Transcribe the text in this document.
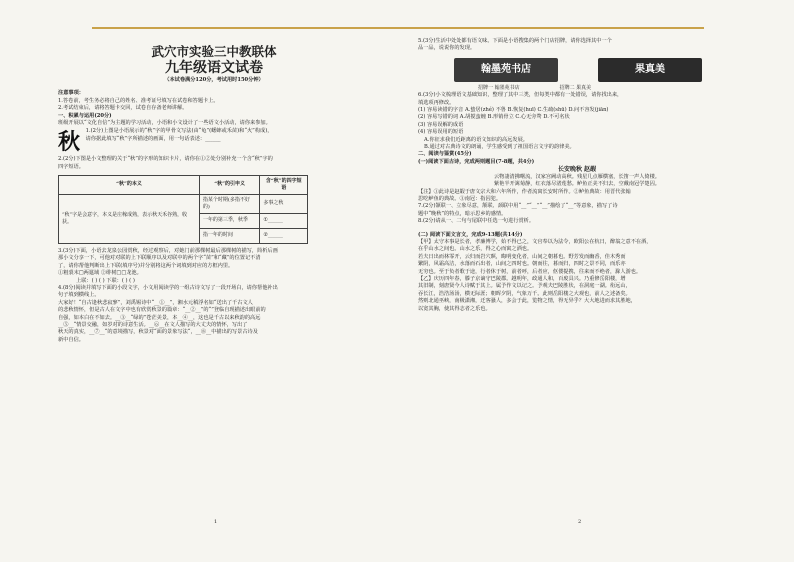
武穴市实验三中教联体
九年级语文试卷
（本试卷满分120分，考试用时150分钟）

注意事项：

1.答卷前，考生务必将自己的姓名、准考证号填写在试卷和答题卡上。

2.考试结束后，请将答题卡交回，试卷自存备老师讲解。

一、积累与运用(20分)

班级开展以“文化自信”为主题的学习活动，小语和小文设计了一些语文小活动，请你来参加。

秋 1.(2分)上图是小语展示的“秋”字的甲骨文写法(由“龟”(蟋蟀或禾苗)和“火”构成)，

请你据此填写“秋”字所描述的画面，用一句话表述：______

2.(2分)下图是小文整理的关于“秋”的字形的知识卡片，请你在①②处分别补充一个含“秋”字的

四字短语。

“秋”的本义	“秋”的引申义	含“秋”的四字短语
“秋”字是会意字，本义是庄稼成熟，表示秋天禾谷熟，收获。	指某个时期(多指不好的)	多事之秋
	一年的第三季，秋季	①______
	指一年的时间	②______

3.(3分)下面，小语去龙泉公园赏秋，经过观察后，对她门前那棵树最后那棵树的描写，简析后画

那小文分享一下，可他对对联的上下联顺序以及对联中的两个字“苗”和“藏”的位置记不清

了，请你帮他判断出上下联(填序号)并分别将这两个词填到对应的方框内里。

①粗裘末□两筵域 ②绯树□□龙池。

上联：( ) ( ) 下联：( ) ( )

4.(8分)阅读并填写下面的小段文字，小文用阅读学的一组古诗文写了一段开场白，请你帮他补出

句子填到横线上。

大家好！“自古逢秋悲寂寥”，刘禹锡诗中“__①__”，湘水元稹浮名如“送出了千古文人

的悲秋情怀，但是古人在文字中也有欣赏秋景的篇章：“__②__”的“”登临自现描述出眼前的

自强，如本白在不如去。__③__“绿的”苍茫美景，本__④__，这也是千古以来秋韵的高远

__⑤__“情景交融，如岁对的诗意生活。__⑥__在文人描写的大丈夫的情怀，写出了

秋天的真实，__⑦__“的意境描写，秋景对“面的景象写法“，__⑧__中描出的写景古诗及

新中自信。

1

5.(3分)生活中处处都有语文味。下面是小语搜集的两个门店招牌，请你选择其中一个

品一品，说说你的发现。

翰墨苑书店	果真美
招牌一 翰墨苑书店	招牌二 果真美

6.(3分)小文梳理语文基础知识，整理了其中三类，但每类中都有一处错误，请你找出来，

填选项再修改。

(1) 容易读错的字音 A.蛰居(zhé) 不鲁 B.恢复(huī) C.生疏(shū) D.问不容发(jiān)

(2) 容易写错的词 A.胡搅蛮缠 B.形销骨立 C.心无旁骛 D.不可名状

(3) 容易误解的成语

(4) 容易误用的短语

A.你征求我们近距离的语文知识的高远发展。

B.通过对古典诗文的朗诵，学生感受到了祖国语言文字的韵律美。

二、阅读与鉴赏(45分)

(一)阅读下面古诗，完成两则题目(7-8题，共4分)

长安晚秋 赵嘏

云物凄清拂曙流，汉家宫阙动高秋。残星几点雁横塞，长笛一声人倚楼。

紫艳半开篱菊静，红衣落尽渚莲愁。鲈鱼正美不归去，空戴南冠学楚囚。

【注】①此诗是赵嘏于唐文宗大和六年所作，作者流寓长安时所作。②鲈鱼典故：用晋代张翰

思吃鲈鱼的典故。③南冠：指囚犯。

7.(2分)颔联一、立象尽意，颔联、颈联中用“__”“__”“__”描绘了“__”等意象，描写了诗

题中“晚秋”的特点，暗示思乡的感情。

8.(2分)请从一、二句与尾联中任选一句进行赏析。

(二) 阅读下面文言文，完成9-13题(共14分)

【甲】太守本事是长者，孝廉博学，始不得已之，文官奉以为法令，欧阳公在杭日，醉翁之意不在酒，

在乎山水之间也。山水之乐，得之心而寓之酒也。

若夫日出而林霏开，云归而岩穴暝，晦明变化者，山间之朝暮也。野芳发而幽香，佳木秀而

繁阴，风霜高洁，水落而石出者，山间之四时也。朝而往，暮而归，四时之景不同，而乐亦

无穷也。至于负者歌于途，行者休于树，前者呼，后者应，伛偻提携，往来而不绝者，滁人游也。

【乙】庆历四年春，滕子京谪守巴陵郡。越明年，政通人和，百废具兴。乃重修岳阳楼，增

其旧制，刻唐贤今人诗赋于其上。属予作文以记之。予观夫巴陵胜状，在洞庭一湖。衔远山，

吞长江，浩浩汤汤，横无际涯；朝晖夕阴，气象万千。此则岳阳楼之大观也，前人之述备矣。

然则北通巫峡，南极潇湘，迁客骚人，多会于此，览物之情，得无异乎？大大地进而求其胜地，

以宽其胸，使其得志者之乐也。

2
